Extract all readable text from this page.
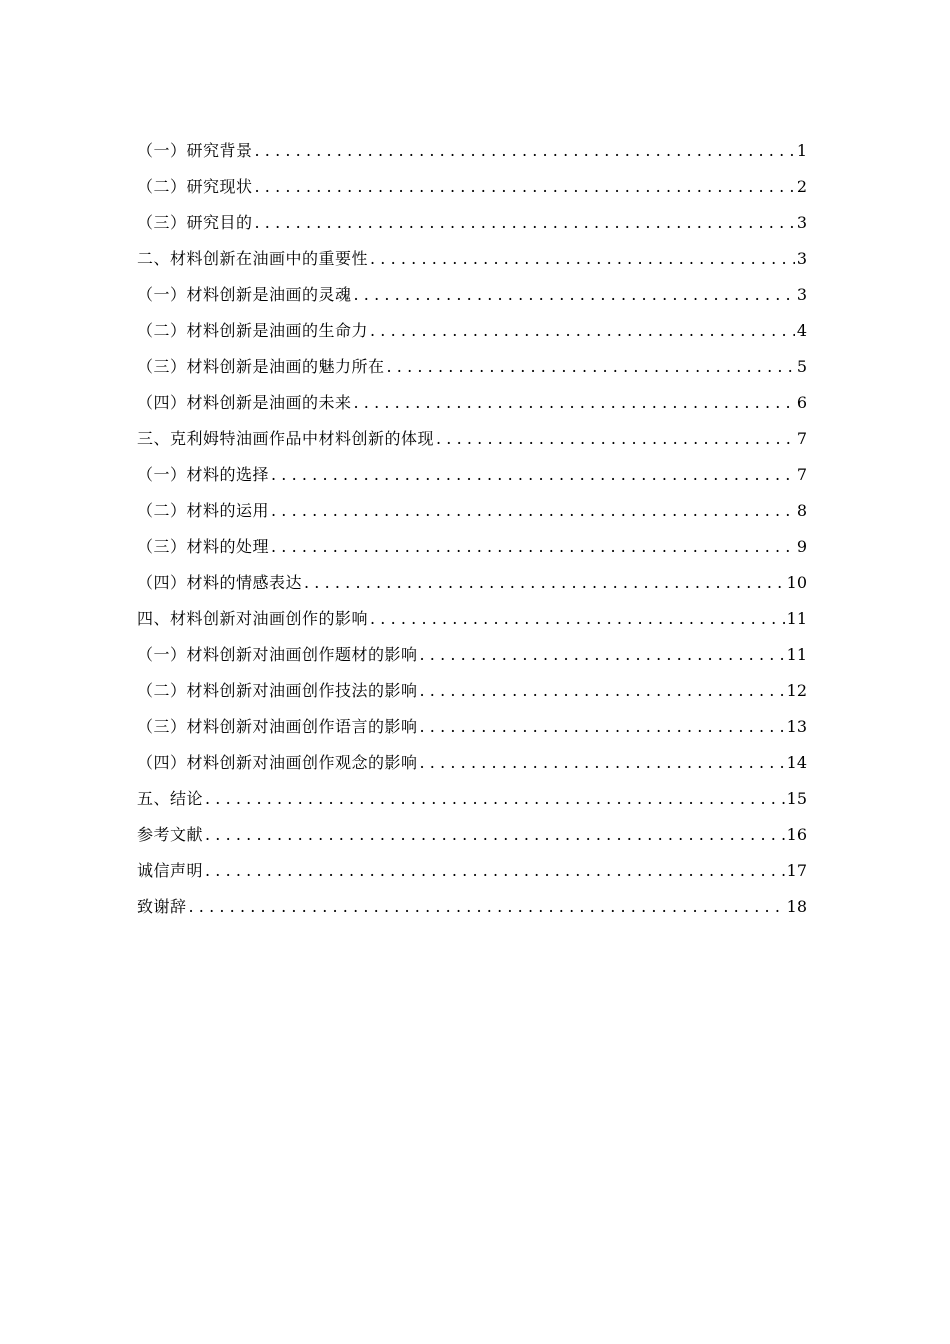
（一）研究背景 .....	1
（二）研究现状 .....	2
（三）研究目的 .....	3
二、材料创新在油画中的重要性 .....	3
（一）材料创新是油画的灵魂 .....	3
（二）材料创新是油画的生命力 .....	4
（三）材料创新是油画的魅力所在 .....	5
（四）材料创新是油画的未来 .....	6
三、克利姆特油画作品中材料创新的体现 .....	7
（一）材料的选择 .....	7
（二）材料的运用 .....	8
（三）材料的处理 .....	9
（四）材料的情感表达 .....	10
四、材料创新对油画创作的影响 .....	11
（一）材料创新对油画创作题材的影响 .....	11
（二）材料创新对油画创作技法的影响 .....	12
（三）材料创新对油画创作语言的影响 .....	13
（四）材料创新对油画创作观念的影响 .....	14
五、结论 .....	15
参考文献 .....	16
诚信声明 .....	17
致谢辞 .....	18
